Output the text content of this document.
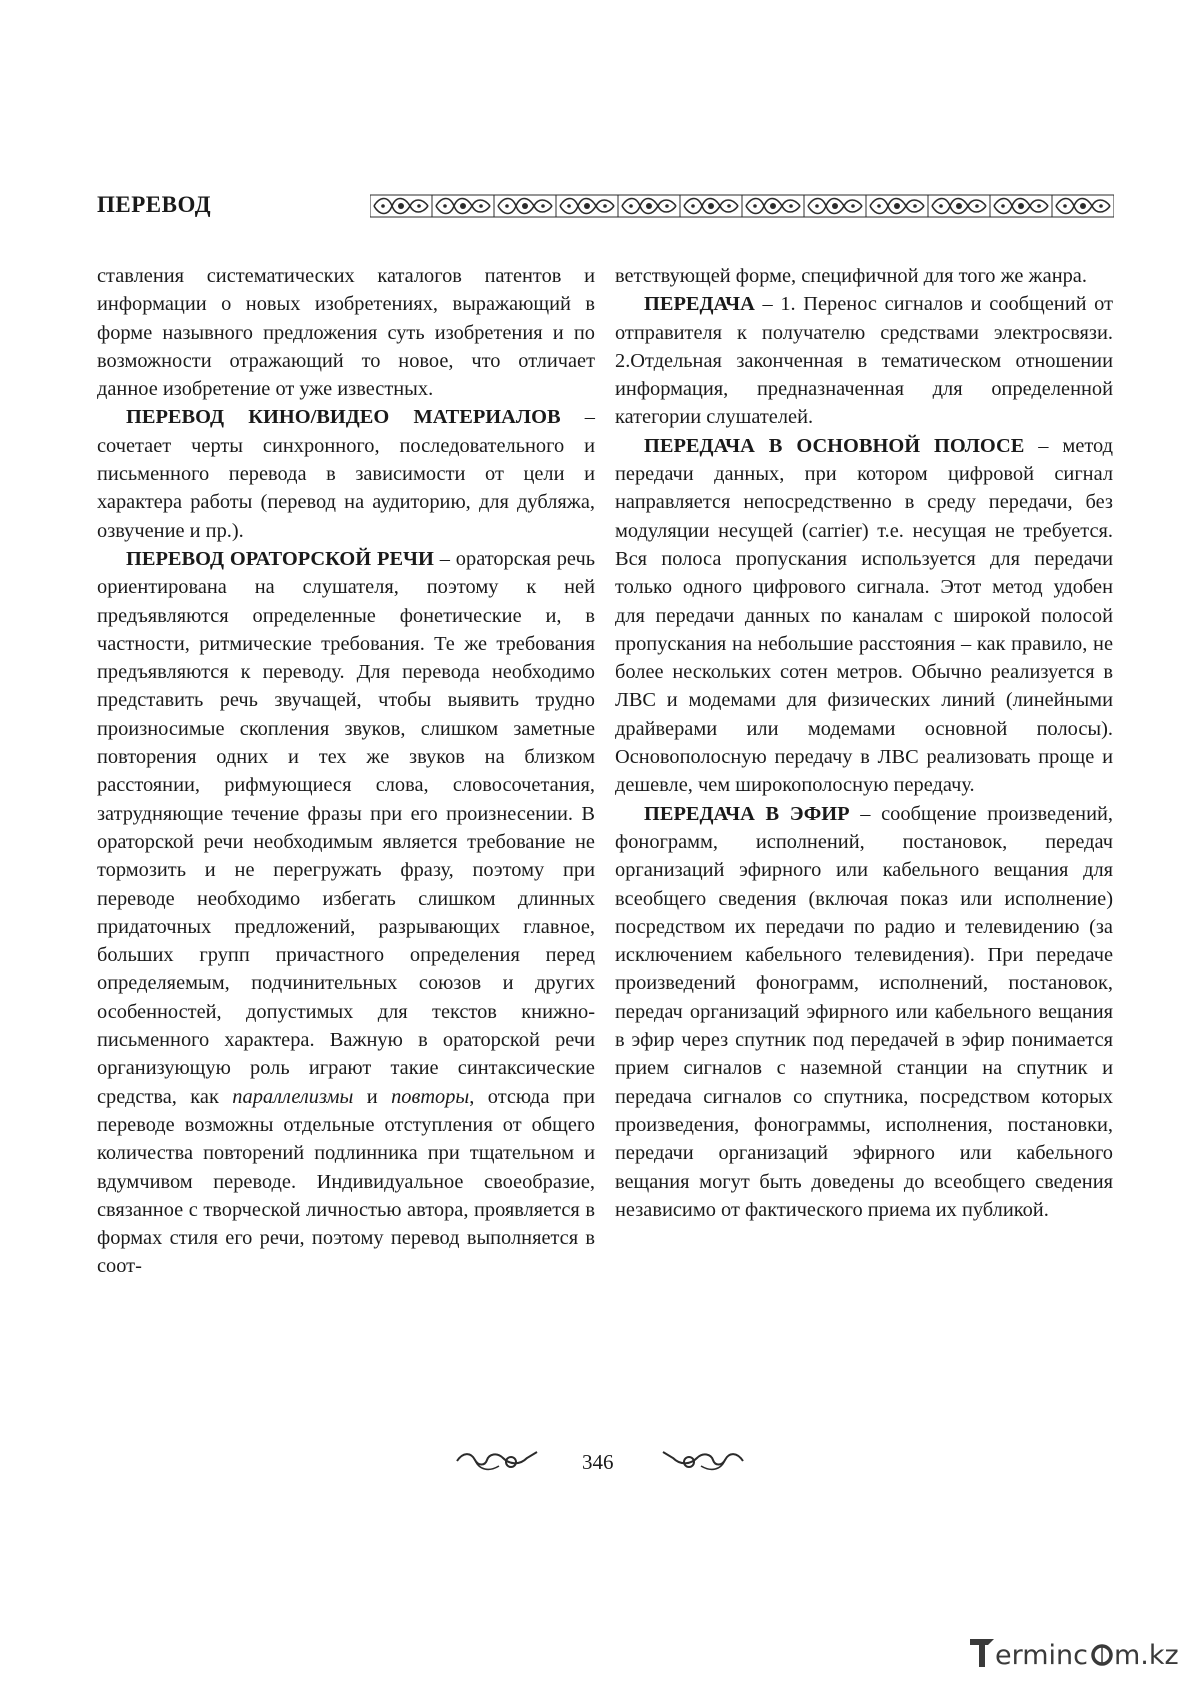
ПЕРЕВОД

ставления систематических каталогов патентов и информации о новых изобретениях, выражающий в форме назывного предложения суть изобретения и по возможности отражающий то новое, что отличает данное изобретение от уже известных.

ПЕРЕВОД КИНО/ВИДЕО МАТЕРИАЛОВ – сочетает черты синхронного, последовательного и письменного перевода в зависимости от цели и характера работы (перевод на аудиторию, для дубляжа, озвучение и пр.).

ПЕРЕВОД ОРАТОРСКОЙ РЕЧИ – ораторская речь ориентирована на слушателя, поэтому к ней предъявляются определенные фонетические и, в частности, ритмические требования. Те же требования предъявляются к переводу. Для перевода необходимо представить речь звучащей, чтобы выявить трудно произносимые скопления звуков, слишком заметные повторения одних и тех же звуков на близком расстоянии, рифмующиеся слова, словосочетания, затрудняющие течение фразы при его произнесении. В ораторской речи необходимым является требование не тормозить и не перегружать фразу, поэтому при переводе необходимо избегать слишком длинных придаточных предложений, разрывающих главное, больших групп причастного определения перед определяемым, подчинительных союзов и других особенностей, допустимых для текстов книжно-письменного характера. Важную в ораторской речи организующую роль играют такие синтаксические средства, как параллелизмы и повторы, отсюда при переводе возможны отдельные отступления от общего количества повторений подлинника при тщательном и вдумчивом переводе. Индивидуальное своеобразие, связанное с творческой личностью автора, проявляется в формах стиля его речи, поэтому перевод выполняется в соот-

ветствующей форме, специфичной для того же жанра.

ПЕРЕДАЧА – 1. Перенос сигналов и сообщений от отправителя к получателю средствами электросвязи. 2.Отдельная законченная в тематическом отношении информация, предназначенная для определенной категории слушателей.

ПЕРЕДАЧА В ОСНОВНОЙ ПОЛОСЕ – метод передачи данных, при котором цифровой сигнал направляется непосредственно в среду передачи, без модуляции несущей (carrier) т.е. несущая не требуется. Вся полоса пропускания используется для передачи только одного цифрового сигнала. Этот метод удобен для передачи данных по каналам с широкой полосой пропускания на небольшие расстояния – как правило, не более нескольких сотен метров. Обычно реализуется в ЛВС и модемами для физических линий (линейными драйверами или модемами основной полосы). Основополосную передачу в ЛВС реализовать проще и дешевле, чем широкополосную передачу.

ПЕРЕДАЧА В ЭФИР – сообщение произведений, фонограмм, исполнений, постановок, передач организаций эфирного или кабельного вещания для всеобщего сведения (включая показ или исполнение) посредством их передачи по радио и телевидению (за исключением кабельного телевидения). При передаче произведений фонограмм, исполнений, постановок, передач организаций эфирного или кабельного вещания в эфир через спутник под передачей в эфир понимается прием сигналов с наземной станции на спутник и передача сигналов со спутника, посредством которых произведения, фонограммы, исполнения, постановки, передачи организаций эфирного или кабельного вещания могут быть доведены до всеобщего сведения независимо от фактического приема их публикой.

346
erminc m.kz
